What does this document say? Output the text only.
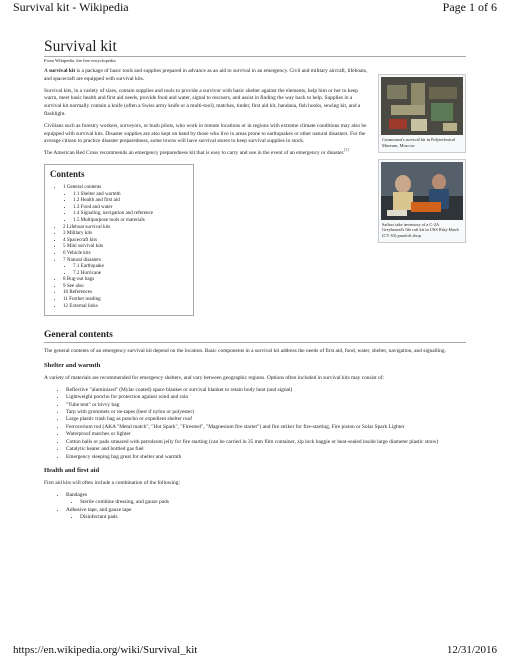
Survival kit - Wikipedia	Page 1 of 6
Survival kit
From Wikipedia, the free encyclopedia
Cosmonaut's survival kit in Polytechnical Museum, Moscow

A survival kit is a package of basic tools and supplies prepared in advance as an aid to survival in an emergency. Civil and military aircraft, lifeboats, and spacecraft are equipped with survival kits.

Survival kits, in a variety of sizes, contain supplies and tools to provide a survivor with basic shelter against the elements, help him or her to keep warm, meet basic health and first aid needs, provide food and water, signal to rescuers, and assist in finding the way back to help. Supplies in a survival kit normally contain a knife (often a Swiss army knife or a multi-tool), matches, tinder, first aid kit, bandana, fish hooks, sewing kit, and a flashlight.

Civilians such as forestry workers, surveyors, or bush pilots, who work in remote locations or in regions with extreme climate conditions may also be equipped with survival kits. Disaster supplies are also kept on hand by those who live in areas prone to earthquakes or other natural disasters. For the average citizen to practice disaster preparedness, some towns will have survival stores to keep survival supplies in stock.

Sailors take inventory of a C-2A Greyhound's life raft kit in USS Kitty Hawk (CV 63) parafoft shop

The American Red Cross recommends an emergency preparedness kit that is easy to carry and use in the event of an emergency or disaster.[1]

Contents
• 1 General contents
• 1.1 Shelter and warmth
• 1.2 Health and first aid
• 1.3 Food and water
• 1.4 Signaling, navigation and reference
• 1.5 Multipurpose tools or materials
• 2 Lifeboat survival kits
• 3 Military kits
• 4 Spacecraft kits
• 5 Mini survival kits
• 6 Vehicle kits
• 7 Natural disasters
• 7.1 Earthquake
• 7.2 Hurricane
• 8 Bug-out bags
• 9 See also
• 10 References
• 11 Further reading
• 12 External links
General contents

The general contents of an emergency survival kit depend on the location. Basic components in a survival kit address the needs of first aid, food, water, shelter, navigation, and signalling.

Shelter and warmth

A variety of materials are recommended for emergency shelters, and vary between geographic regions. Options often included in survival kits may consist of:

• Reflective "aluminized" (Mylar coated) space blanket or survival blanket to retain body heat (and signal)
• Lightweight poncho for protection against wind and rain
• "Tube tent" or bivvy bag
• Tarp with grommets or tie-tapes (best if nylon or polyester)
• Large plastic trash bag as poncho or expedient shelter roof
• Ferrocerium rod (AKA "Metal match", "Hot Spark", "Firesteel", "Magnesium fire starter") and fire striker for fire-starting, Fire piston or Solar Spark Lighter
• Waterproof matches or lighter
• Cotton balls or pads smeared with petroleum jelly for fire starting (can be carried in 35 mm film container, zip lock baggie or heat-sealed inside large diameter plastic straw)
• Catalytic heater and bottled gas fuel
• Emergency sleeping bag great for shelter and warmth
Health and first aid

First aid kits will often include a combination of the following:

• Bandages
• Sterile combine dressing, and gauze pads
• Adhesive tape, and gauze tape
• Disinfectant pads
https://en.wikipedia.org/wiki/Survival_kit	12/31/2016
